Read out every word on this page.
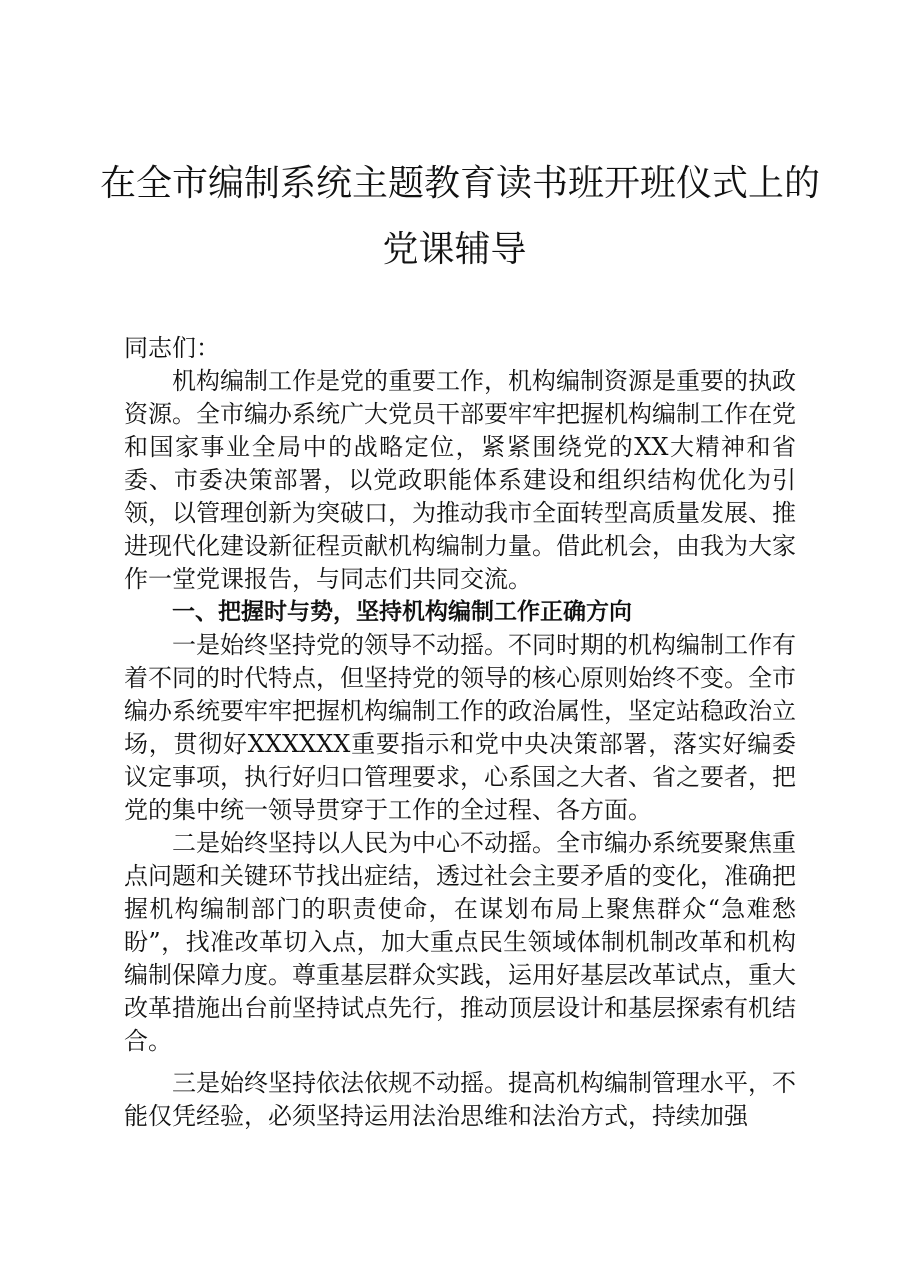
在全市编制系统主题教育读书班开班仪式上的
党课辅导

同志们：

机构编制工作是党的重要工作，机构编制资源是重要的执政资源。全市编办系统广大党员干部要牢牢把握机构编制工作在党和国家事业全局中的战略定位，紧紧围绕党的XX大精神和省委、市委决策部署，以党政职能体系建设和组织结构优化为引领，以管理创新为突破口，为推动我市全面转型高质量发展、推进现代化建设新征程贡献机构编制力量。借此机会，由我为大家作一堂党课报告，与同志们共同交流。

一、把握时与势，坚持机构编制工作正确方向

一是始终坚持党的领导不动摇。不同时期的机构编制工作有着不同的时代特点，但坚持党的领导的核心原则始终不变。全市编办系统要牢牢把握机构编制工作的政治属性，坚定站稳政治立场，贯彻好XXXXXX重要指示和党中央决策部署，落实好编委议定事项，执行好归口管理要求，心系国之大者、省之要者，把党的集中统一领导贯穿于工作的全过程、各方面。

二是始终坚持以人民为中心不动摇。全市编办系统要聚焦重点问题和关键环节找出症结，透过社会主要矛盾的变化，准确把握机构编制部门的职责使命，在谋划布局上聚焦群众“急难愁盼”，找准改革切入点，加大重点民生领域体制机制改革和机构编制保障力度。尊重基层群众实践，运用好基层改革试点，重大改革措施出台前坚持试点先行，推动顶层设计和基层探索有机结合。

三是始终坚持依法依规不动摇。提高机构编制管理水平，不能仅凭经验，必须坚持运用法治思维和法治方式，持续加强
